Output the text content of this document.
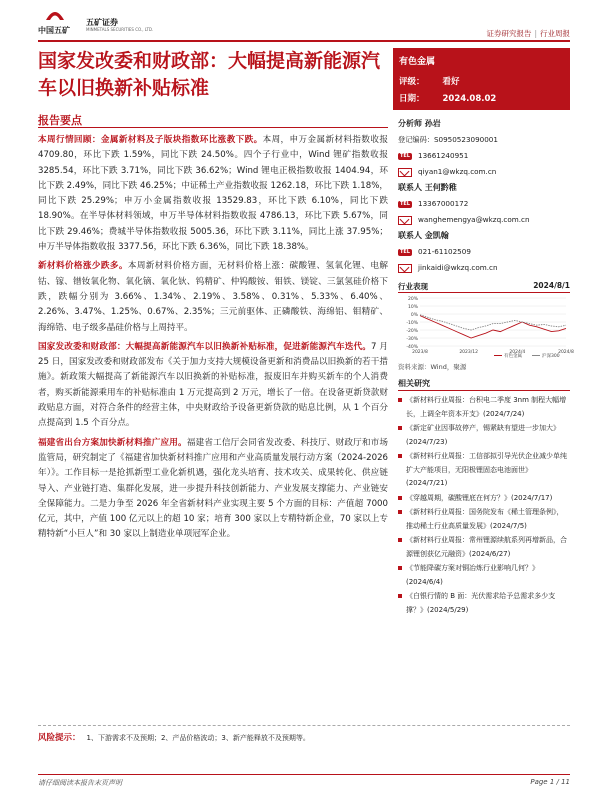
中国五矿
五矿证券
MINMETALS SECURITIES CO., LTD.	证券研究报告 | 行业周报
国家发改委和财政部：大幅提高新能源汽车以旧换新补贴标准
报告要点

本周行情回顾：金属新材料及子版块指数环比涨教下跌。本周，申万金属新材料指数收报 4709.80，环比下跌 1.59%，同比下跌 24.50%。四个子行业中，Wind 锂矿指数收报 3285.54，环比下跌 3.71%，同比下跌 36.62%；Wind 锂电正极指数收报 1404.94，环比下跌 2.49%，同比下跌 46.25%；中证稀土产业指数收报 1262.18，环比下跌 1.18%，同比下跌 25.29%；申万小金属指数收报 13529.83，环比下跌 6.10%，同比下跌 18.90%。在半导体材料领域，申万半导体材料指数收报 4786.13，环比下跌 5.67%，同比下跌 29.46%；费城半导体指数收报 5005.36，环比下跌 3.11%，同比上涨 37.95%；申万半导体指数收报 3377.56，环比下跌 6.36%，同比下跌 18.38%。

新材料价格涨少跌多。本周新材料价格方面，无材料价格上涨：碳酸锂、氢氧化锂、电解钴、镓、镨钕氧化物、氧化镝、氧化钬、钨精矿、仲钨酸铵、钼铁、镁锭、三氯氢硅价格下跌，跌幅分别为 3.66%、1.34%、2.19%、3.58%、0.31%、5.33%、6.40%、2.26%、3.47%、1.25%、0.67%、2.35%；三元前驱体、正磷酸铁、海绵铝、钼精矿、海绵锆、电子级多晶硅价格与上周持平。

国家发改委和财政部：大幅提高新能源汽车以旧换新补贴标准，促进新能源汽车迭代。7 月 25 日，国家发改委和财政部发布《关于加力支持大规模设备更新和消费品以旧换新的若干措施》。新政策大幅提高了新能源汽车以旧换新的补贴标准，报废旧车并购买新车的个人消费者，购买新能源乘用车的补贴标准由 1 万元提高到 2 万元，增长了一倍。在设备更新贷款财政贴息方面，对符合条件的经营主体，中央财政给予设备更新贷款的贴息比例，从 1 个百分点提高到 1.5 个百分点。

福建省出台方案加快新材料推广应用。福建省工信厅会同省发改委、科技厅、财政厅和市场监管局，研究制定了《福建省加快新材料推广应用和产业高质量发展行动方案（2024-2026 年）》。工作目标一是抢抓新型工业化新机遇，强化龙头培育、技术攻关、成果转化、供应链导入、产业链打造、集群化发展，进一步提升科技创新能力、产业发展支撑能力、产业链安全保障能力。二是力争至 2026 年全省新材料产业实现主要 5 个方面的目标：产值超 7000 亿元，其中，产值 100 亿元以上的超 10 家；培育 300 家以上专精特新企业，70 家以上专精特新“小巨人”和 30 家以上制造业单项冠军企业。

有色金属
评级： 看好
日期： 2024.08.02
分析师 孙岩
登记编码：S0950523090001
TEL 13661240951
qiyan1@wkzq.com.cn
联系人 王何黔稚
TEL 13367000172
wanghemengya@wkzq.com.cn
联系人 金凯翰
TEL 021-61102509
jinkaidi@wkzq.com.cn
行业表现	2024/8/1
20%
10%
0%
-10%
-20%
-30%
-40%
2023/8	2023/12	2024/4	2024/8
有色金属	沪深300
资料来源：Wind，聚源
相关研究
《新材料行业周报：台积电二季度 3nm 制程大幅增长，上调全年资本开支》(2024/7/24)
《新定矿业因事故停产，锡紧缺有望进一步加大》(2024/7/23)
《新材料行业周报：工信部拟引导光伏企业减少单纯扩大产能项目，无阳极锂固态电池面世》(2024/7/21)
《穿越周期，碳酸锂底在何方？》(2024/7/17)
《新材料行业周报：国务院发布《稀土管理条例》，推动稀土行业高质量发展》(2024/7/5)
《新材料行业周报：常州锂源续航系列再增新品，合源锂创获亿元融资》(2024/6/27)
《节能降碳方案对铜冶炼行业影响几何？》(2024/6/4)
《白银行情的 B 面：光伏需求给予总需求多少支撑？》(2024/5/29)
风险提示： 1、下游需求不及预期；2、产品价格波动；3、新产能释放不及预期等。
请仔细阅读本报告末页声明	Page 1 / 11
